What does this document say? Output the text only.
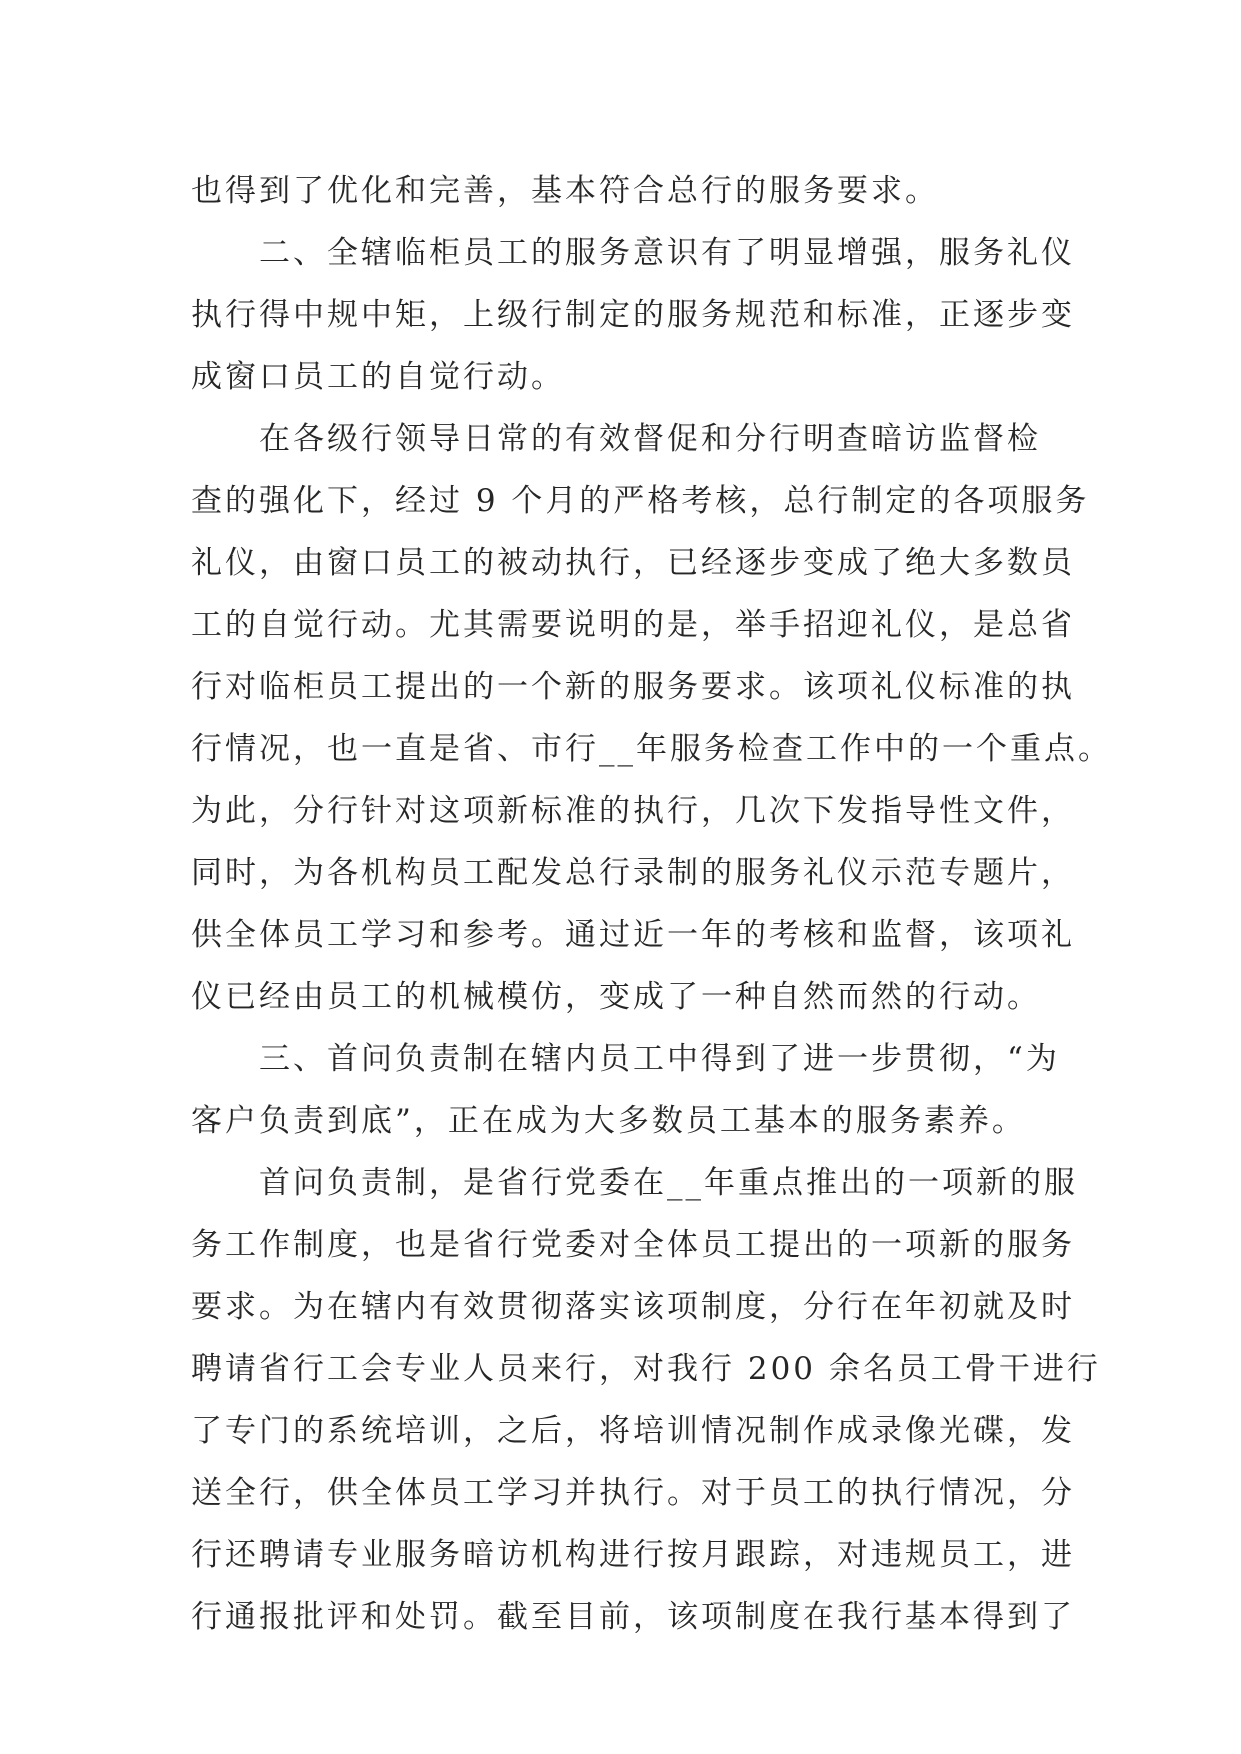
也得到了优化和完善，基本符合总行的服务要求。
二、全辖临柜员工的服务意识有了明显增强，服务礼仪
执行得中规中矩，上级行制定的服务规范和标准，正逐步变
成窗口员工的自觉行动。
在各级行领导日常的有效督促和分行明查暗访监督检
查的强化下，经过 9 个月的严格考核，总行制定的各项服务
礼仪，由窗口员工的被动执行，已经逐步变成了绝大多数员
工的自觉行动。尤其需要说明的是，举手招迎礼仪，是总省
行对临柜员工提出的一个新的服务要求。该项礼仪标准的执
行情况，也一直是省、市行__年服务检查工作中的一个重点。
为此，分行针对这项新标准的执行，几次下发指导性文件，
同时，为各机构员工配发总行录制的服务礼仪示范专题片，
供全体员工学习和参考。通过近一年的考核和监督，该项礼
仪已经由员工的机械模仿，变成了一种自然而然的行动。
三、首问负责制在辖内员工中得到了进一步贯彻，“为
客户负责到底”，正在成为大多数员工基本的服务素养。
首问负责制，是省行党委在__年重点推出的一项新的服
务工作制度，也是省行党委对全体员工提出的一项新的服务
要求。为在辖内有效贯彻落实该项制度，分行在年初就及时
聘请省行工会专业人员来行，对我行 200 余名员工骨干进行
了专门的系统培训，之后，将培训情况制作成录像光碟，发
送全行，供全体员工学习并执行。对于员工的执行情况，分
行还聘请专业服务暗访机构进行按月跟踪，对违规员工，进
行通报批评和处罚。截至目前，该项制度在我行基本得到了
